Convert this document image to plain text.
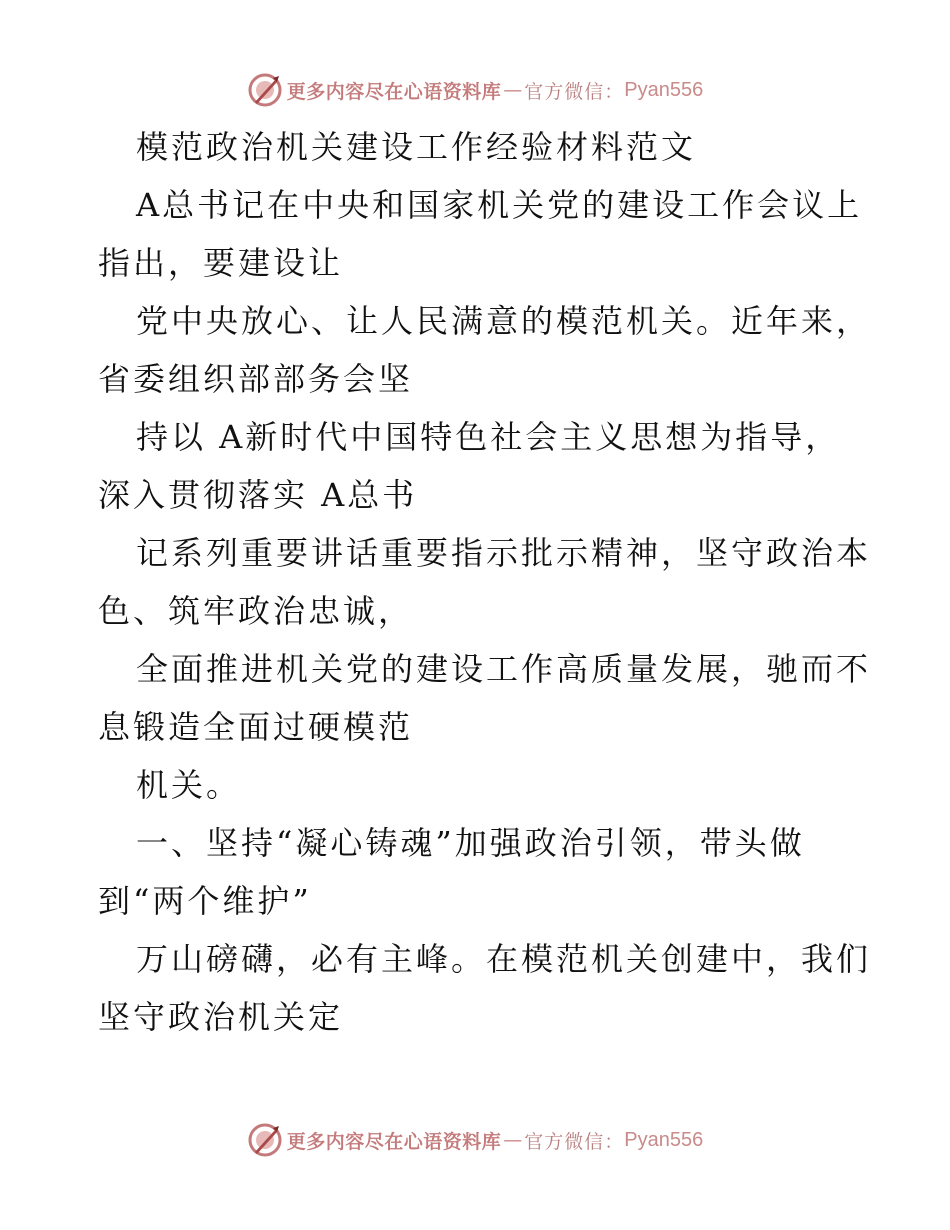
更多内容尽在心语资料库 — 官方微信： Pyan556
模范政治机关建设工作经验材料范文
A总书记在中央和国家机关党的建设工作会议上
指出，要建设让
党中央放心、让人民满意的模范机关。近年来，
省委组织部部务会坚
持以 A新时代中国特色社会主义思想为指导，
深入贯彻落实 A总书
记系列重要讲话重要指示批示精神，坚守政治本
色、筑牢政治忠诚，
全面推进机关党的建设工作高质量发展，驰而不
息锻造全面过硬模范
机关。
一、坚持“凝心铸魂”加强政治引领，带头做
到“两个维护”
万山磅礴，必有主峰。在模范机关创建中，我们
坚守政治机关定
更多内容尽在心语资料库 — 官方微信： Pyan556
